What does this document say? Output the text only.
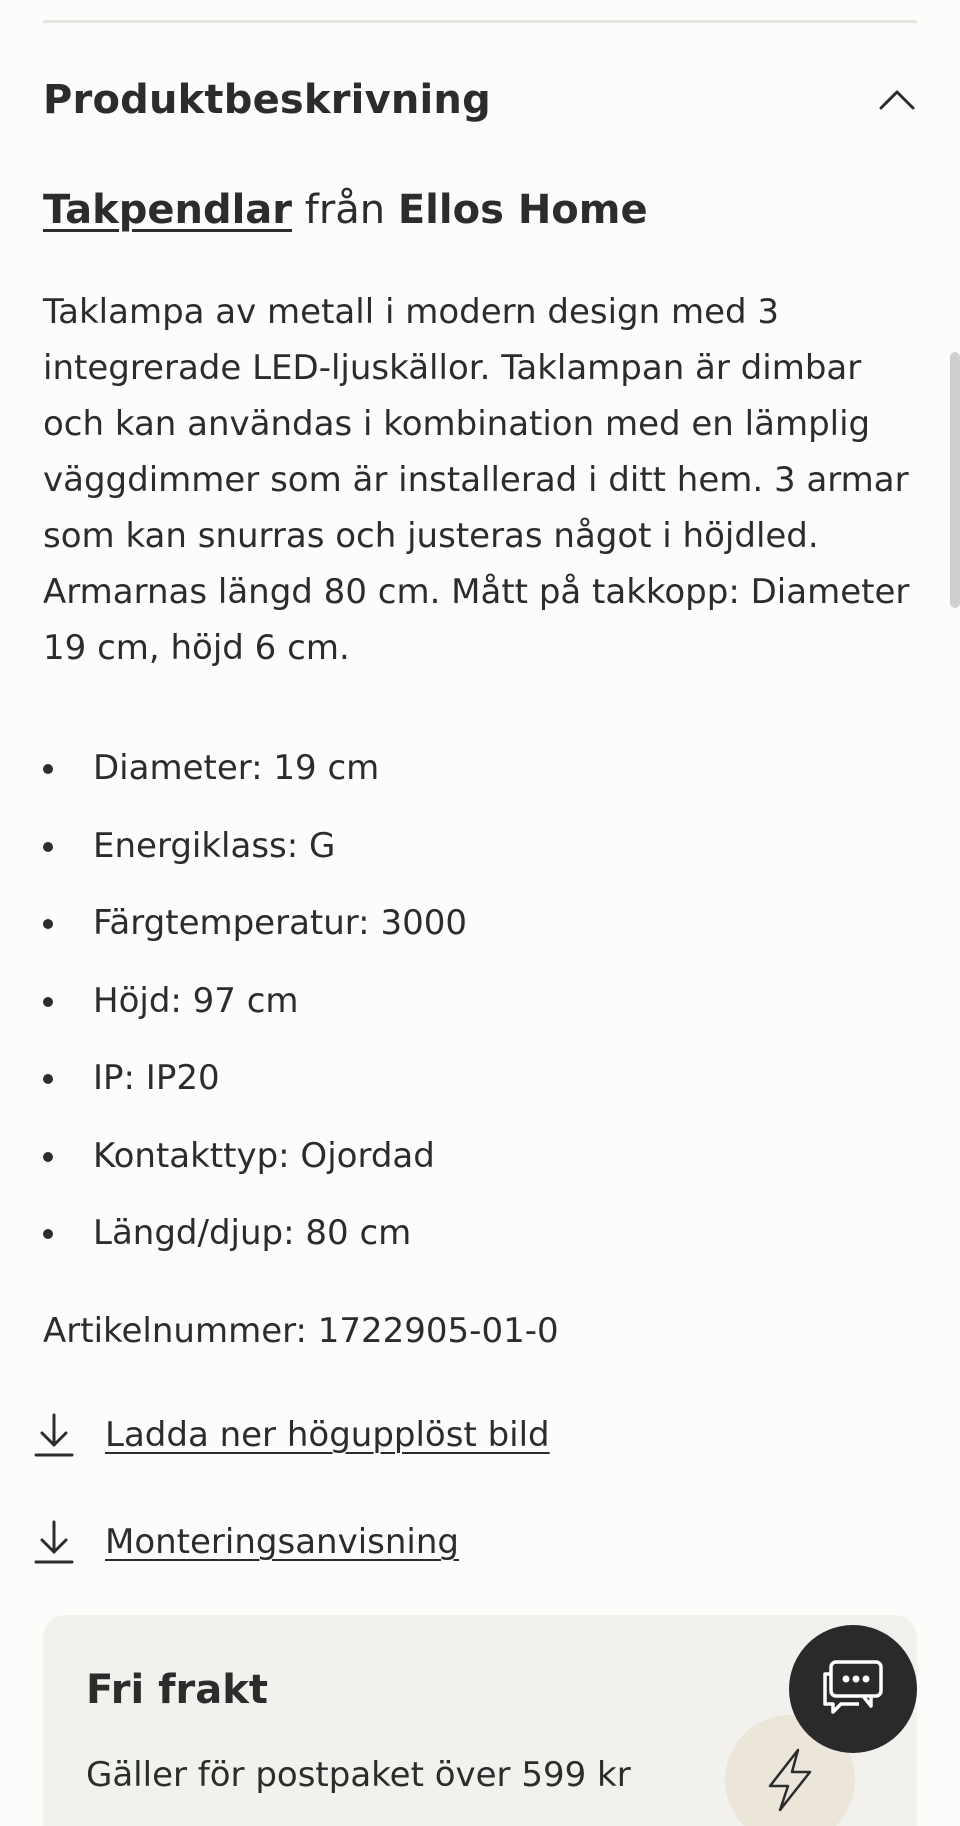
Produktbeskrivning
Takpendlar från Ellos Home

Taklampa av metall i modern design med 3 integrerade LED-ljuskällor. Taklampan är dimbar och kan användas i kombination med en lämplig väggdimmer som är installerad i ditt hem. 3 armar som kan snurras och justeras något i höjdled. Armarnas längd 80 cm. Mått på takkopp: Diameter 19 cm, höjd 6 cm.

Diameter: 19 cm
Energiklass: G
Färgtemperatur: 3000
Höjd: 97 cm
IP: IP20
Kontakttyp: Ojordad
Längd/djup: 80 cm
Artikelnummer: 1722905-01-0
Ladda ner högupplöst bild
Monteringsanvisning
Fri frakt
Gäller för postpaket över 599 kr
